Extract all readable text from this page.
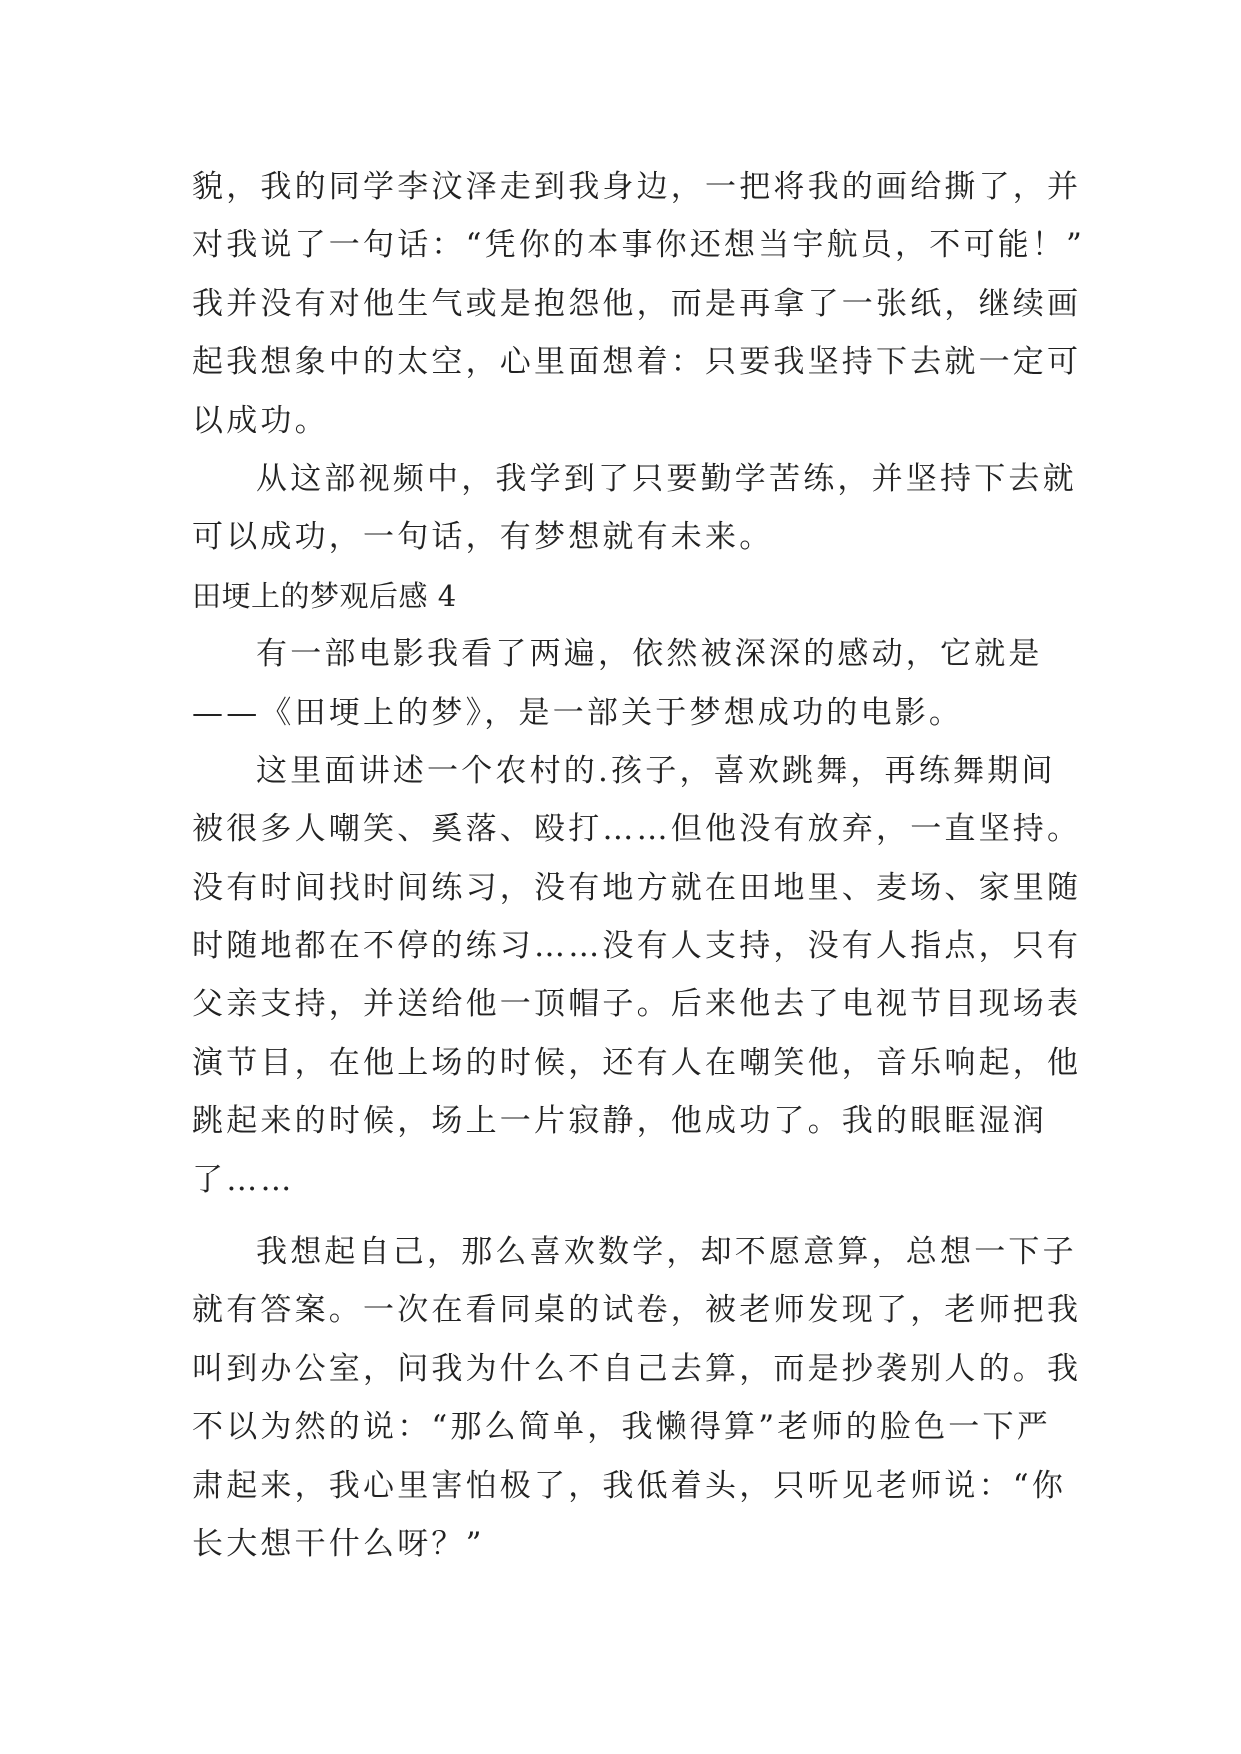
貌，我的同学李汶泽走到我身边，一把将我的画给撕了，并
对我说了一句话：“凭你的本事你还想当宇航员，不可能！”
我并没有对他生气或是抱怨他，而是再拿了一张纸，继续画
起我想象中的太空，心里面想着：只要我坚持下去就一定可
以成功。
从这部视频中，我学到了只要勤学苦练，并坚持下去就
可以成功，一句话，有梦想就有未来。
田埂上的梦观后感 4
有一部电影我看了两遍，依然被深深的感动，它就是
——《田埂上的梦》，是一部关于梦想成功的电影。
这里面讲述一个农村的.孩子，喜欢跳舞，再练舞期间
被很多人嘲笑、奚落、殴打……但他没有放弃，一直坚持。
没有时间找时间练习，没有地方就在田地里、麦场、家里随
时随地都在不停的练习……没有人支持，没有人指点，只有
父亲支持，并送给他一顶帽子。后来他去了电视节目现场表
演节目，在他上场的时候，还有人在嘲笑他，音乐响起，他
跳起来的时候，场上一片寂静，他成功了。我的眼眶湿润
了……
我想起自己，那么喜欢数学，却不愿意算，总想一下子
就有答案。一次在看同桌的试卷，被老师发现了，老师把我
叫到办公室，问我为什么不自己去算，而是抄袭别人的。我
不以为然的说：“那么简单，我懒得算”老师的脸色一下严
肃起来，我心里害怕极了，我低着头，只听见老师说：“你
长大想干什么呀？”
